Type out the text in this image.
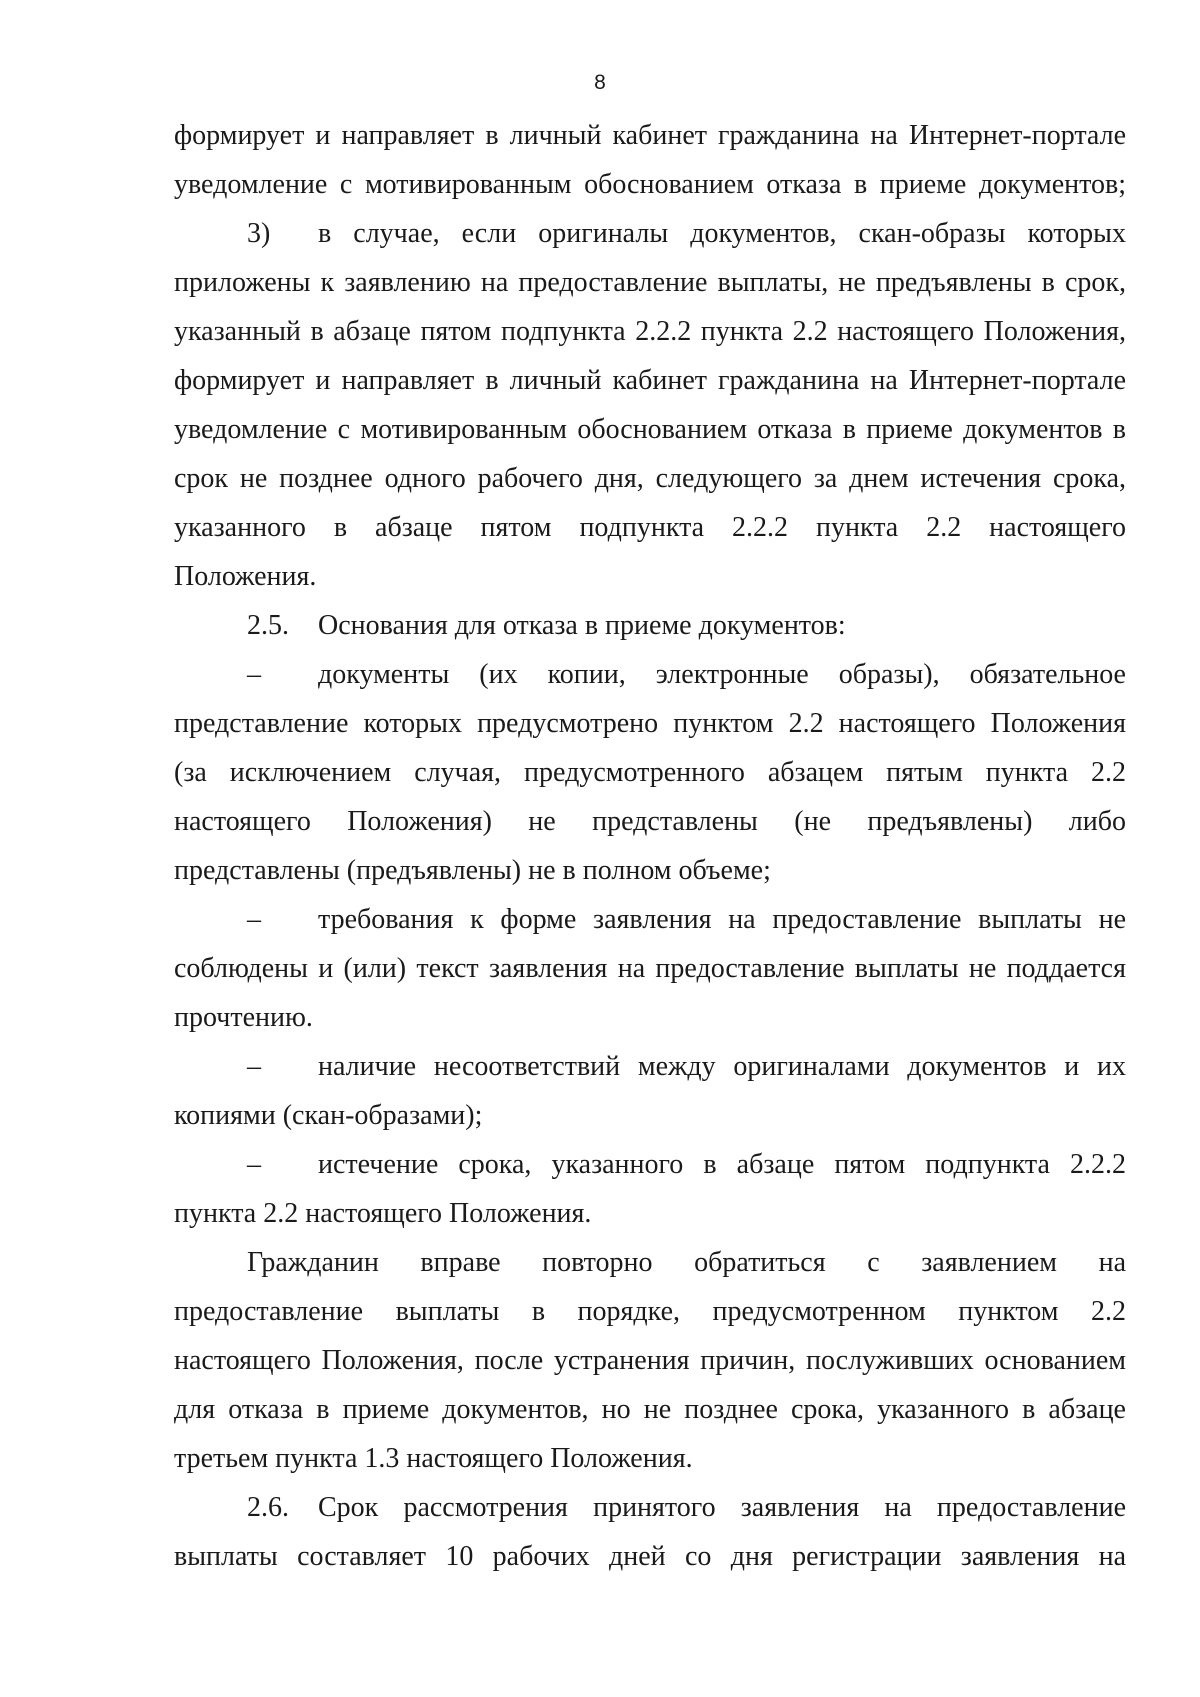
8
формирует и направляет в личный кабинет гражданина на Интернет-портале
уведомление с мотивированным обоснованием отказа в приеме документов;
3) в случае, если оригиналы документов, скан-образы которых
приложены к заявлению на предоставление выплаты, не предъявлены в срок,
указанный в абзаце пятом подпункта 2.2.2 пункта 2.2 настоящего Положения,
формирует и направляет в личный кабинет гражданина на Интернет-портале
уведомление с мотивированным обоснованием отказа в приеме документов в
срок не позднее одного рабочего дня, следующего за днем истечения срока,
указанного в абзаце пятом подпункта 2.2.2 пункта 2.2 настоящего
Положения.
2.5. Основания для отказа в приеме документов:
– документы (их копии, электронные образы), обязательное
представление которых предусмотрено пунктом 2.2 настоящего Положения
(за исключением случая, предусмотренного абзацем пятым пункта 2.2
настоящего Положения) не представлены (не предъявлены) либо
представлены (предъявлены) не в полном объеме;
– требования к форме заявления на предоставление выплаты не
соблюдены и (или) текст заявления на предоставление выплаты не поддается
прочтению.
– наличие несоответствий между оригиналами документов и их
копиями (скан-образами);
– истечение срока, указанного в абзаце пятом подпункта 2.2.2
пункта 2.2 настоящего Положения.
Гражданин вправе повторно обратиться с заявлением на
предоставление выплаты в порядке, предусмотренном пунктом 2.2
настоящего Положения, после устранения причин, послуживших основанием
для отказа в приеме документов, но не позднее срока, указанного в абзаце
третьем пункта 1.3 настоящего Положения.
2.6. Срок рассмотрения принятого заявления на предоставление
выплаты составляет 10 рабочих дней со дня регистрации заявления на
